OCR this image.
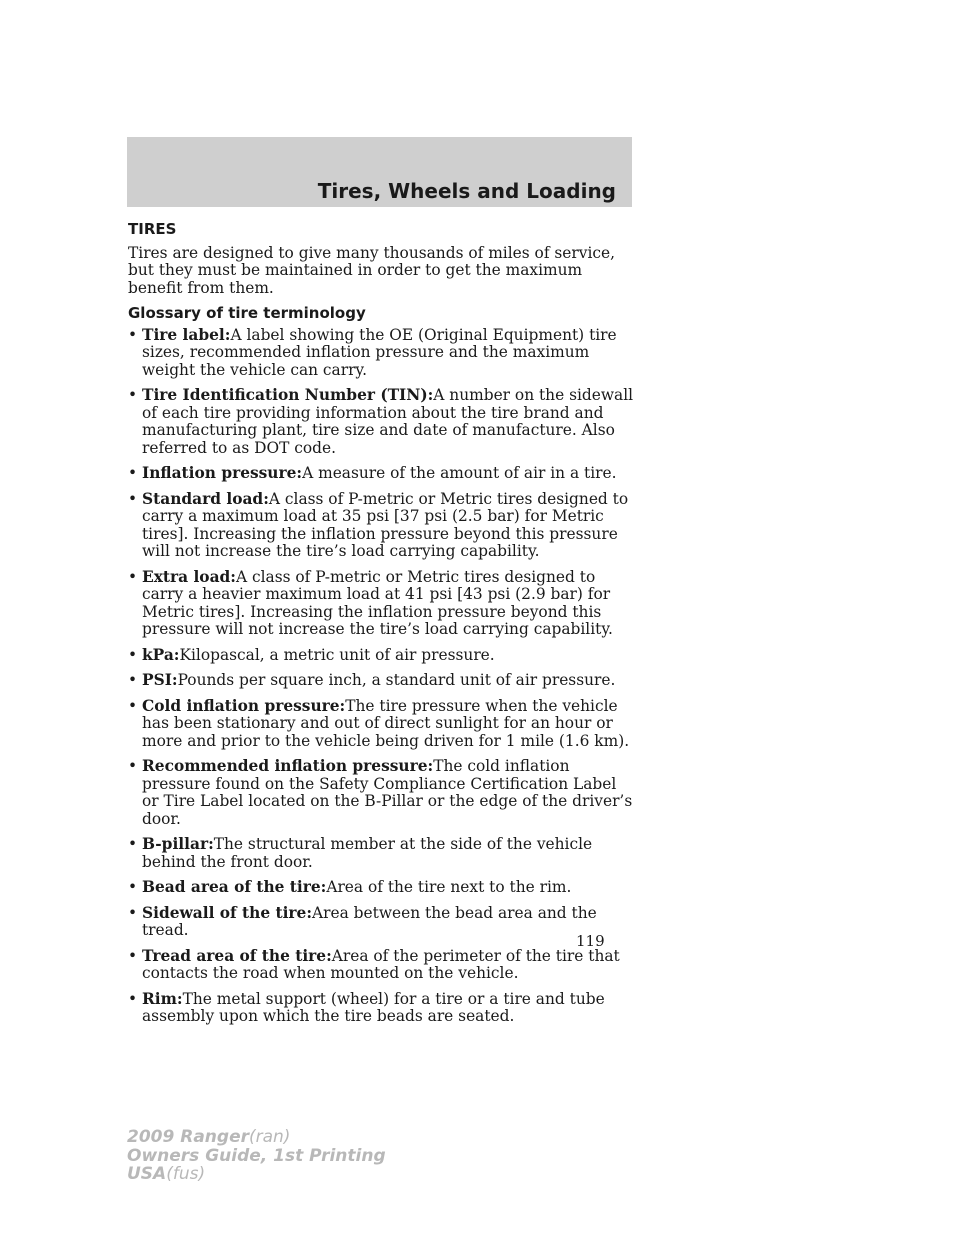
Tires, Wheels and Loading
TIRES

Tires are designed to give many thousands of miles of service, but they must be maintained in order to get the maximum benefit from them.

Glossary of tire terminology
• Tire label:A label showing the OE (Original Equipment) tire sizes, recommended inflation pressure and the maximum weight the vehicle can carry.
• Tire Identification Number (TIN):A number on the sidewall of each tire providing information about the tire brand and manufacturing plant, tire size and date of manufacture. Also referred to as DOT code.
• Inflation pressure:A measure of the amount of air in a tire.
• Standard load:A class of P-metric or Metric tires designed to carry a maximum load at 35 psi [37 psi (2.5 bar) for Metric tires]. Increasing the inflation pressure beyond this pressure will not increase the tire’s load carrying capability.
• Extra load:A class of P-metric or Metric tires designed to carry a heavier maximum load at 41 psi [43 psi (2.9 bar) for Metric tires]. Increasing the inflation pressure beyond this pressure will not increase the tire’s load carrying capability.
• kPa:Kilopascal, a metric unit of air pressure.
• PSI:Pounds per square inch, a standard unit of air pressure.
• Cold inflation pressure:The tire pressure when the vehicle has been stationary and out of direct sunlight for an hour or more and prior to the vehicle being driven for 1 mile (1.6 km).
• Recommended inflation pressure:The cold inflation pressure found on the Safety Compliance Certification Label or Tire Label located on the B-Pillar or the edge of the driver’s door.
• B-pillar:The structural member at the side of the vehicle behind the front door.
• Bead area of the tire:Area of the tire next to the rim.
• Sidewall of the tire:Area between the bead area and the tread.
• Tread area of the tire:Area of the perimeter of the tire that contacts the road when mounted on the vehicle.
• Rim:The metal support (wheel) for a tire or a tire and tube assembly upon which the tire beads are seated.
119
2009 Ranger(ran)
Owners Guide, 1st Printing
USA(fus)
